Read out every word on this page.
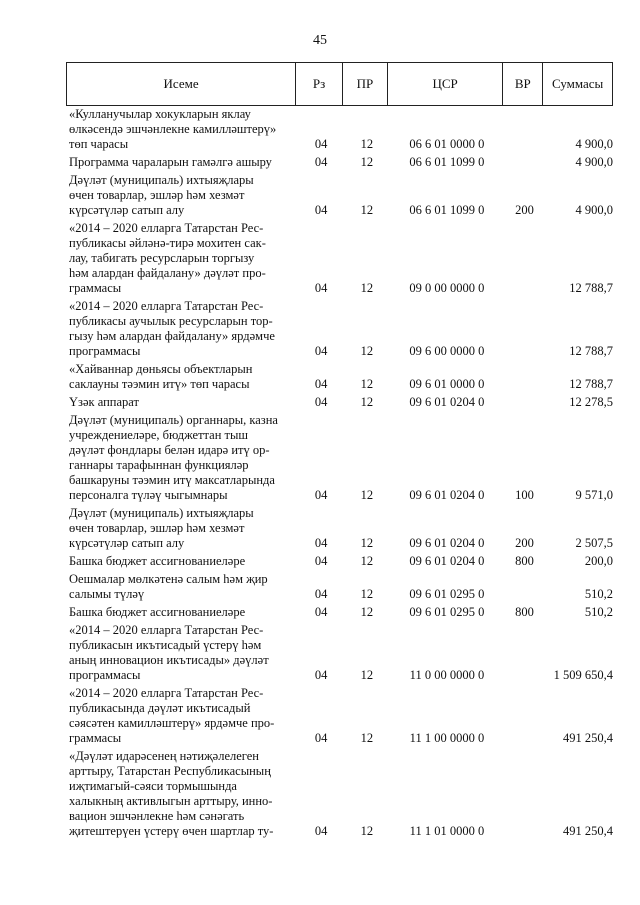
45
Исеме	Рз	ПР	ЦСР	ВР	Суммасы
«Кулланучылар хокукларын яклау
өлкәсендә эшчәнлекне камилләштерү»
төп чарасы	04	12	06 6 01 0000 0	4 900,0
Программа чараларын гамәлгә ашыру	04	12	06 6 01 1099 0	4 900,0
Дәүләт (муниципаль) ихтыяҗлары
өчен товарлар, эшләр һәм хезмәт
күрсәтүләр сатып алу	04	12	06 6 01 1099 0	200	4 900,0
«2014 – 2020 елларга Татарстан Рес-
публикасы әйләнә-тирә мохитен сак-
лау, табигать ресурсларын торгызу
һәм алардан файдалану» дәүләт про-
граммасы	04	12	09 0 00 0000 0	12 788,7
«2014 – 2020 елларга Татарстан Рес-
публикасы аучылык ресурсларын тор-
гызу һәм алардан файдалану» ярдәмче
программасы	04	12	09 6 00 0000 0	12 788,7
«Хайваннар дөньясы объектларын
саклауны тәэмин итү» төп чарасы	04	12	09 6 01 0000 0	12 788,7
Үзәк аппарат	04	12	09 6 01 0204 0	12 278,5
Дәүләт (муниципаль) органнары, казна
учреждениеләре, бюджеттан тыш
дәүләт фондлары белән идарә итү ор-
ганнары тарафыннан функцияләр
башкаруны тәэмин итү максатларында
персоналга түләү чыгымнары	04	12	09 6 01 0204 0	100	9 571,0
Дәүләт (муниципаль) ихтыяҗлары
өчен товарлар, эшләр һәм хезмәт
күрсәтүләр сатып алу	04	12	09 6 01 0204 0	200	2 507,5
Башка бюджет ассигнованиеләре	04	12	09 6 01 0204 0	800	200,0
Оешмалар мөлкәтенә салым һәм җир
салымы түләү	04	12	09 6 01 0295 0	510,2
Башка бюджет ассигнованиеләре	04	12	09 6 01 0295 0	800	510,2
«2014 – 2020 елларга Татарстан Рес-
публикасын икътисадый үстерү һәм
аның инновацион икътисады» дәүләт
программасы	04	12	11 0 00 0000 0	1 509 650,4
«2014 – 2020 елларга Татарстан Рес-
публикасында дәүләт икътисадый
сәясәтен камилләштерү» ярдәмче про-
граммасы	04	12	11 1 00 0000 0	491 250,4
«Дәүләт идарәсенең нәтиҗәлелеген
арттыру, Татарстан Республикасының
иҗтимагый-сәяси тормышында
халыкның активлыгын арттыру, инно-
вацион эшчәнлекне һәм сәнәгать
җитештерүен үстерү өчен шартлар ту-	04	12	11 1 01 0000 0	491 250,4
